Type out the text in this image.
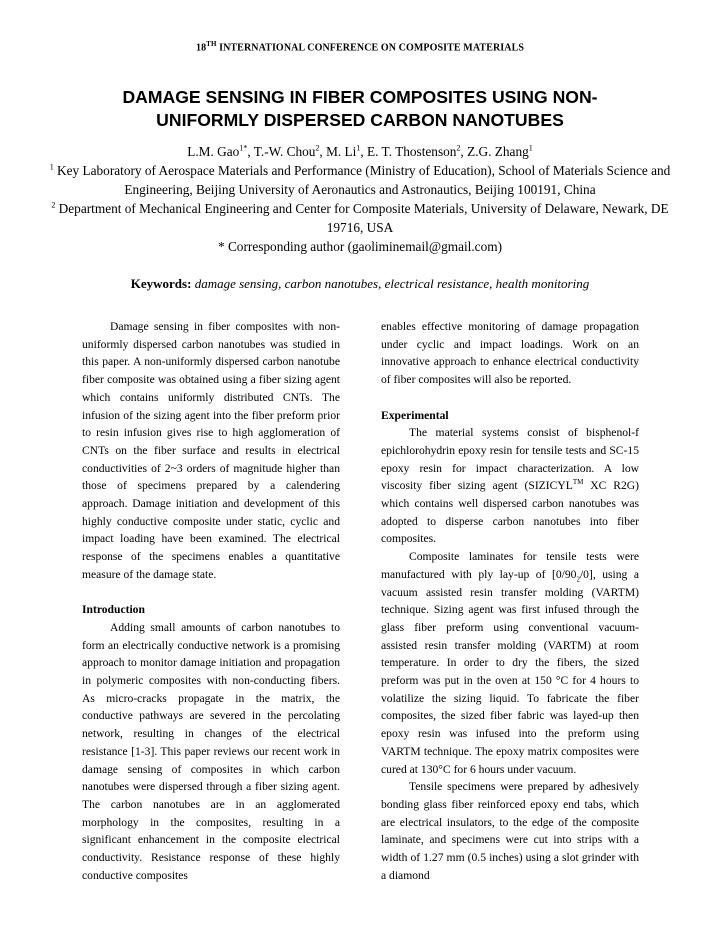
18TH INTERNATIONAL CONFERENCE ON COMPOSITE MATERIALS
DAMAGE SENSING IN FIBER COMPOSITES USING NON-UNIFORMLY DISPERSED CARBON NANOTUBES
L.M. Gao$^{1*}$, T.-W. Chou$^2$, M. Li$^1$, E. T. Thostenson$^2$, Z.G. Zhang$^1$
$^1$ Key Laboratory of Aerospace Materials and Performance (Ministry of Education), School of Materials Science and Engineering, Beijing University of Aeronautics and Astronautics, Beijing 100191, China
$^2$ Department of Mechanical Engineering and Center for Composite Materials, University of Delaware, Newark, DE 19716, USA
* Corresponding author (gaoliminemail@gmail.com)
Keywords: damage sensing, carbon nanotubes, electrical resistance, health monitoring

Damage sensing in fiber composites with non-uniformly dispersed carbon nanotubes was studied in this paper. A non-uniformly dispersed carbon nanotube fiber composite was obtained using a fiber sizing agent which contains uniformly distributed CNTs. The infusion of the sizing agent into the fiber preform prior to resin infusion gives rise to high agglomeration of CNTs on the fiber surface and results in electrical conductivities of 2~3 orders of magnitude higher than those of specimens prepared by a calendering approach. Damage initiation and development of this highly conductive composite under static, cyclic and impact loading have been examined. The electrical response of the specimens enables a quantitative measure of the damage state.

Introduction

Adding small amounts of carbon nanotubes to form an electrically conductive network is a promising approach to monitor damage initiation and propagation in polymeric composites with non-conducting fibers. As micro-cracks propagate in the matrix, the conductive pathways are severed in the percolating network, resulting in changes of the electrical resistance [1-3]. This paper reviews our recent work in damage sensing of composites in which carbon nanotubes were dispersed through a fiber sizing agent. The carbon nanotubes are in an agglomerated morphology in the composites, resulting in a significant enhancement in the composite electrical conductivity. Resistance response of these highly conductive composites

enables effective monitoring of damage propagation under cyclic and impact loadings. Work on an innovative approach to enhance electrical conductivity of fiber composites will also be reported.

Experimental

The material systems consist of bisphenol-f epichlorohydrin epoxy resin for tensile tests and SC-15 epoxy resin for impact characterization. A low viscosity fiber sizing agent (SIZICYL™ XC R2G) which contains well dispersed carbon nanotubes was adopted to disperse carbon nanotubes into fiber composites.

Composite laminates for tensile tests were manufactured with ply lay-up of $[0/90_2/0]$, using a vacuum assisted resin transfer molding (VARTM) technique. Sizing agent was first infused through the glass fiber preform using conventional vacuum-assisted resin transfer molding (VARTM) at room temperature. In order to dry the fibers, the sized preform was put in the oven at 150 °C for 4 hours to volatilize the sizing liquid. To fabricate the fiber composites, the sized fiber fabric was layed-up then epoxy resin was infused into the preform using VARTM technique. The epoxy matrix composites were cured at 130°C for 6 hours under vacuum.

Tensile specimens were prepared by adhesively bonding glass fiber reinforced epoxy end tabs, which are electrical insulators, to the edge of the composite laminate, and specimens were cut into strips with a width of 1.27 mm (0.5 inches) using a slot grinder with a diamond
